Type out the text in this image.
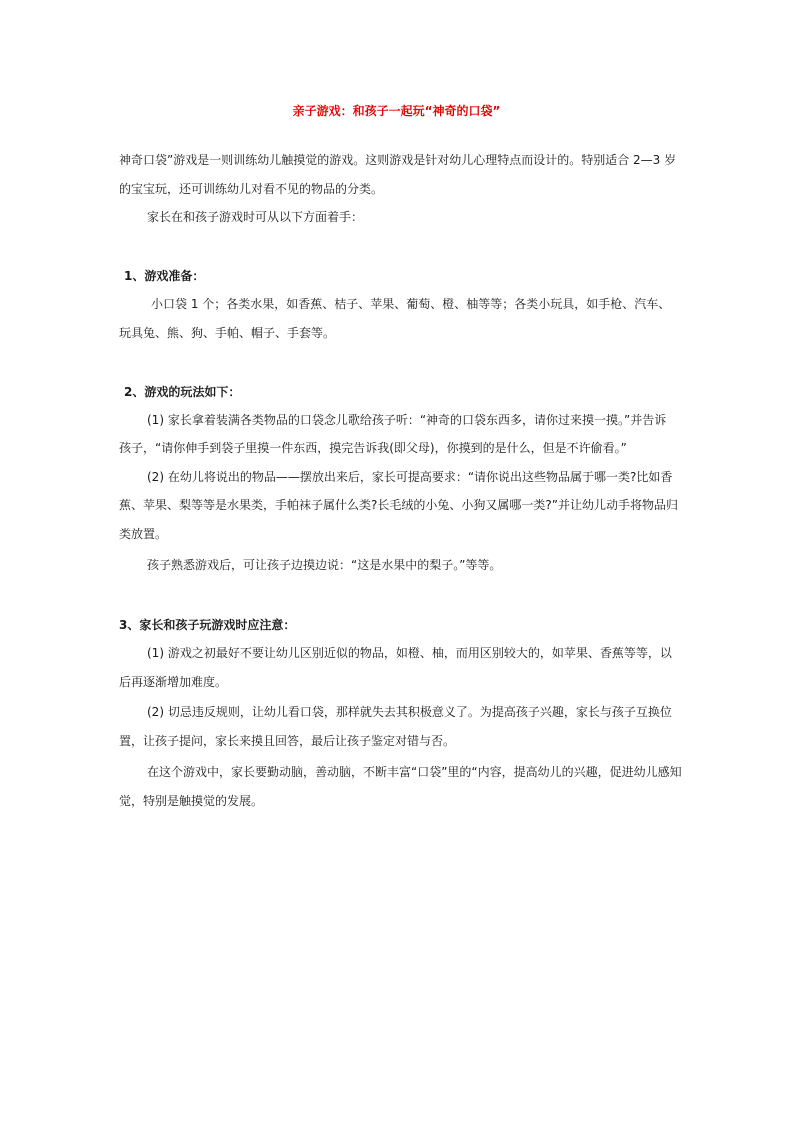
亲子游戏：和孩子一起玩“神奇的口袋”
神奇口袋”游戏是一则训练幼儿触摸觉的游戏。这则游戏是针对幼儿心理特点而设计的。特别适合 2—3 岁
的宝宝玩，还可训练幼儿对看不见的物品的分类。
家长在和孩子游戏时可从以下方面着手：
1、游戏准备：
小口袋 1 个；各类水果，如香蕉、桔子、苹果、葡萄、橙、柚等等；各类小玩具，如手枪、汽车、
玩具兔、熊、狗、手帕、帽子、手套等。
2、游戏的玩法如下：
(1) 家长拿着装满各类物品的口袋念儿歌给孩子听：“神奇的口袋东西多，请你过来摸一摸。”并告诉
孩子，“请你伸手到袋子里摸一件东西，摸完告诉我(即父母)，你摸到的是什么，但是不许偷看。”
(2) 在幼儿将说出的物品——摆放出来后，家长可提高要求：“请你说出这些物品属于哪一类?比如香
蕉、苹果、梨等等是水果类，手帕袜子属什么类?长毛绒的小兔、小狗又属哪一类?”并让幼儿动手将物品归
类放置。
孩子熟悉游戏后，可让孩子边摸边说：“这是水果中的梨子。”等等。
3、家长和孩子玩游戏时应注意：
(1) 游戏之初最好不要让幼儿区别近似的物品，如橙、柚，而用区别较大的，如苹果、香蕉等等，以
后再逐渐增加难度。
(2) 切忌违反规则，让幼儿看口袋，那样就失去其积极意义了。为提高孩子兴趣，家长与孩子互换位
置，让孩子提问，家长来摸且回答，最后让孩子鉴定对错与否。
在这个游戏中，家长要勤动脑，善动脑，不断丰富“口袋”里的“内容，提高幼儿的兴趣，促进幼儿感知
觉，特别是触摸觉的发展。
